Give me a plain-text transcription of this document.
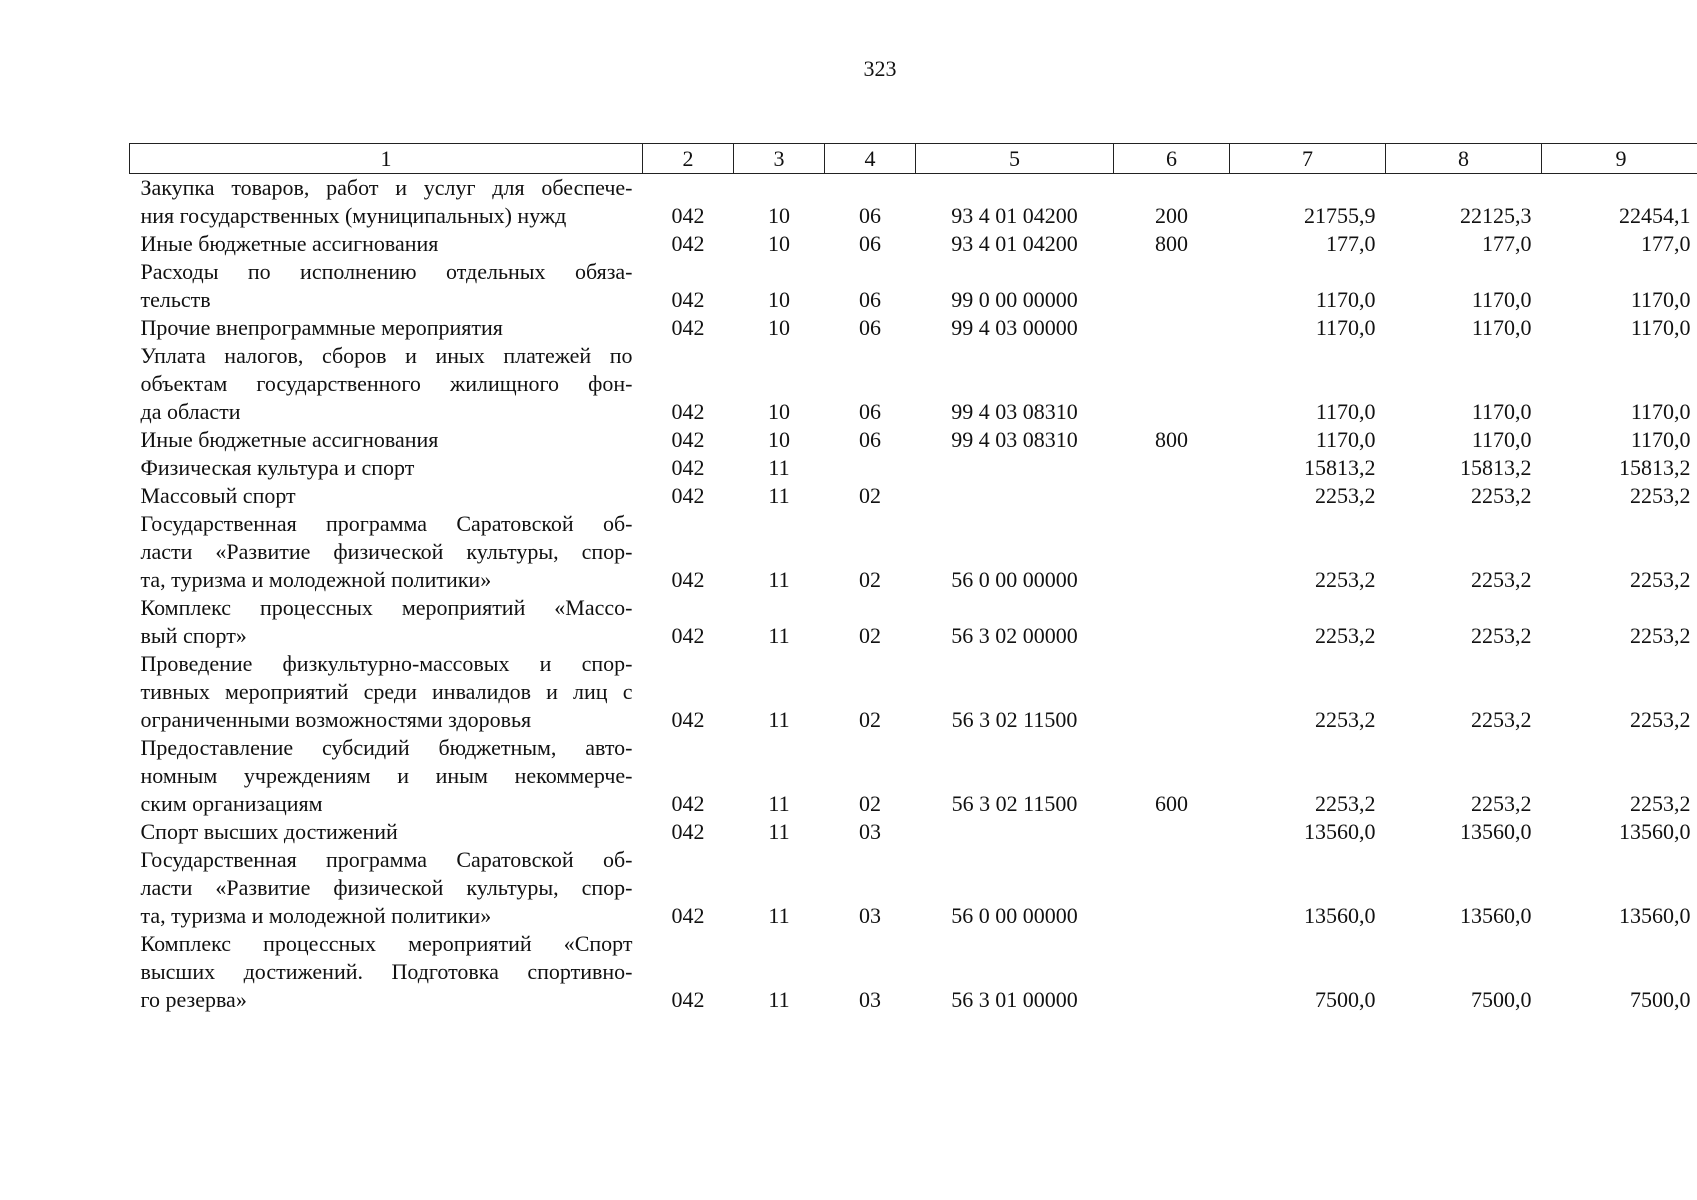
323
1	2	3	4	5	6	7	8	9

Закупка товаров, работ и услуг для обеспече-
ния государственных (муниципальных) нужд	042	10	06	93 4 01 04200	200	21755,9	22125,3	22454,1

Иные бюджетные ассигнования	042	10	06	93 4 01 04200	800	177,0	177,0	177,0

Расходы по исполнению отдельных обяза-
тельств	042	10	06	99 0 00 00000		1170,0	1170,0	1170,0

Прочие внепрограммные мероприятия	042	10	06	99 4 03 00000		1170,0	1170,0	1170,0

Уплата налогов, сборов и иных платежей по
объектам государственного жилищного фон-
да области	042	10	06	99 4 03 08310		1170,0	1170,0	1170,0

Иные бюджетные ассигнования	042	10	06	99 4 03 08310	800	1170,0	1170,0	1170,0

Физическая культура и спорт	042	11				15813,2	15813,2	15813,2

Массовый спорт	042	11	02			2253,2	2253,2	2253,2

Государственная программа Саратовской об-
ласти «Развитие физической культуры, спор-
та, туризма и молодежной политики»	042	11	02	56 0 00 00000		2253,2	2253,2	2253,2

Комплекс процессных мероприятий «Массо-
вый спорт»	042	11	02	56 3 02 00000		2253,2	2253,2	2253,2

Проведение физкультурно-массовых и спор-
тивных мероприятий среди инвалидов и лиц с
ограниченными возможностями здоровья	042	11	02	56 3 02 11500		2253,2	2253,2	2253,2

Предоставление субсидий бюджетным, авто-
номным учреждениям и иным некоммерче-
ским организациям	042	11	02	56 3 02 11500	600	2253,2	2253,2	2253,2

Спорт высших достижений	042	11	03			13560,0	13560,0	13560,0

Государственная программа Саратовской об-
ласти «Развитие физической культуры, спор-
та, туризма и молодежной политики»	042	11	03	56 0 00 00000		13560,0	13560,0	13560,0

Комплекс процессных мероприятий «Спорт
высших достижений. Подготовка спортивно-
го резерва»	042	11	03	56 3 01 00000		7500,0	7500,0	7500,0
